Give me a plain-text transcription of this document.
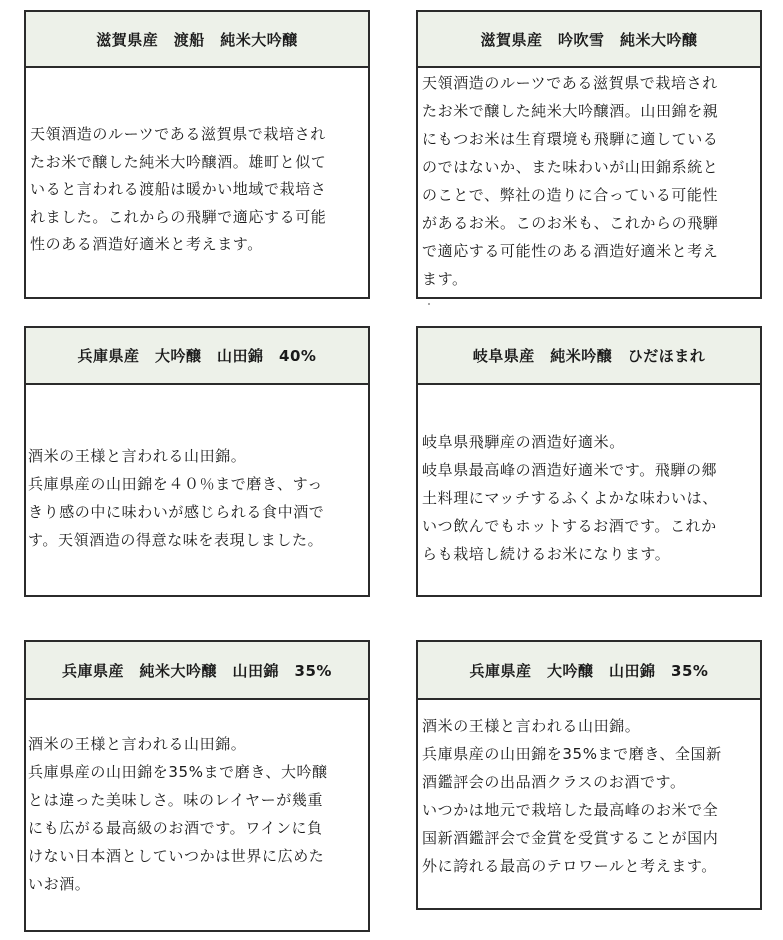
滋賀県産　渡船　純米大吟醸

天領酒造のルーツである滋賀県で栽培され

たお米で醸した純米大吟醸酒。雄町と似て

いると言われる渡船は暖かい地域で栽培さ

れました。これからの飛騨で適応する可能

性のある酒造好適米と考えます。

滋賀県産　吟吹雪　純米大吟醸

天領酒造のルーツである滋賀県で栽培され

たお米で醸した純米大吟醸酒。山田錦を親

にもつお米は生育環境も飛騨に適している

のではないか、また味わいが山田錦系統と

のことで、弊社の造りに合っている可能性

があるお米。このお米も、これからの飛騨

で適応する可能性のある酒造好適米と考え

ます。

兵庫県産　大吟醸　山田錦　40%

酒米の王様と言われる山田錦。

兵庫県産の山田錦を４０％まで磨き、すっ

きり感の中に味わいが感じられる食中酒で

す。天領酒造の得意な味を表現しました。

岐阜県産　純米吟醸　ひだほまれ

岐阜県飛騨産の酒造好適米。

岐阜県最高峰の酒造好適米です。飛騨の郷

土料理にマッチするふくよかな味わいは、

いつ飲んでもホットするお酒です。これか

らも栽培し続けるお米になります。

兵庫県産　純米大吟醸　山田錦　35%

酒米の王様と言われる山田錦。

兵庫県産の山田錦を35%まで磨き、大吟醸

とは違った美味しさ。味のレイヤーが幾重

にも広がる最高級のお酒です。ワインに負

けない日本酒としていつかは世界に広めた

いお酒。

兵庫県産　大吟醸　山田錦　35%

酒米の王様と言われる山田錦。

兵庫県産の山田錦を35%まで磨き、全国新

酒鑑評会の出品酒クラスのお酒です。

いつかは地元で栽培した最高峰のお米で全

国新酒鑑評会で金賞を受賞することが国内

外に誇れる最高のテロワールと考えます。
